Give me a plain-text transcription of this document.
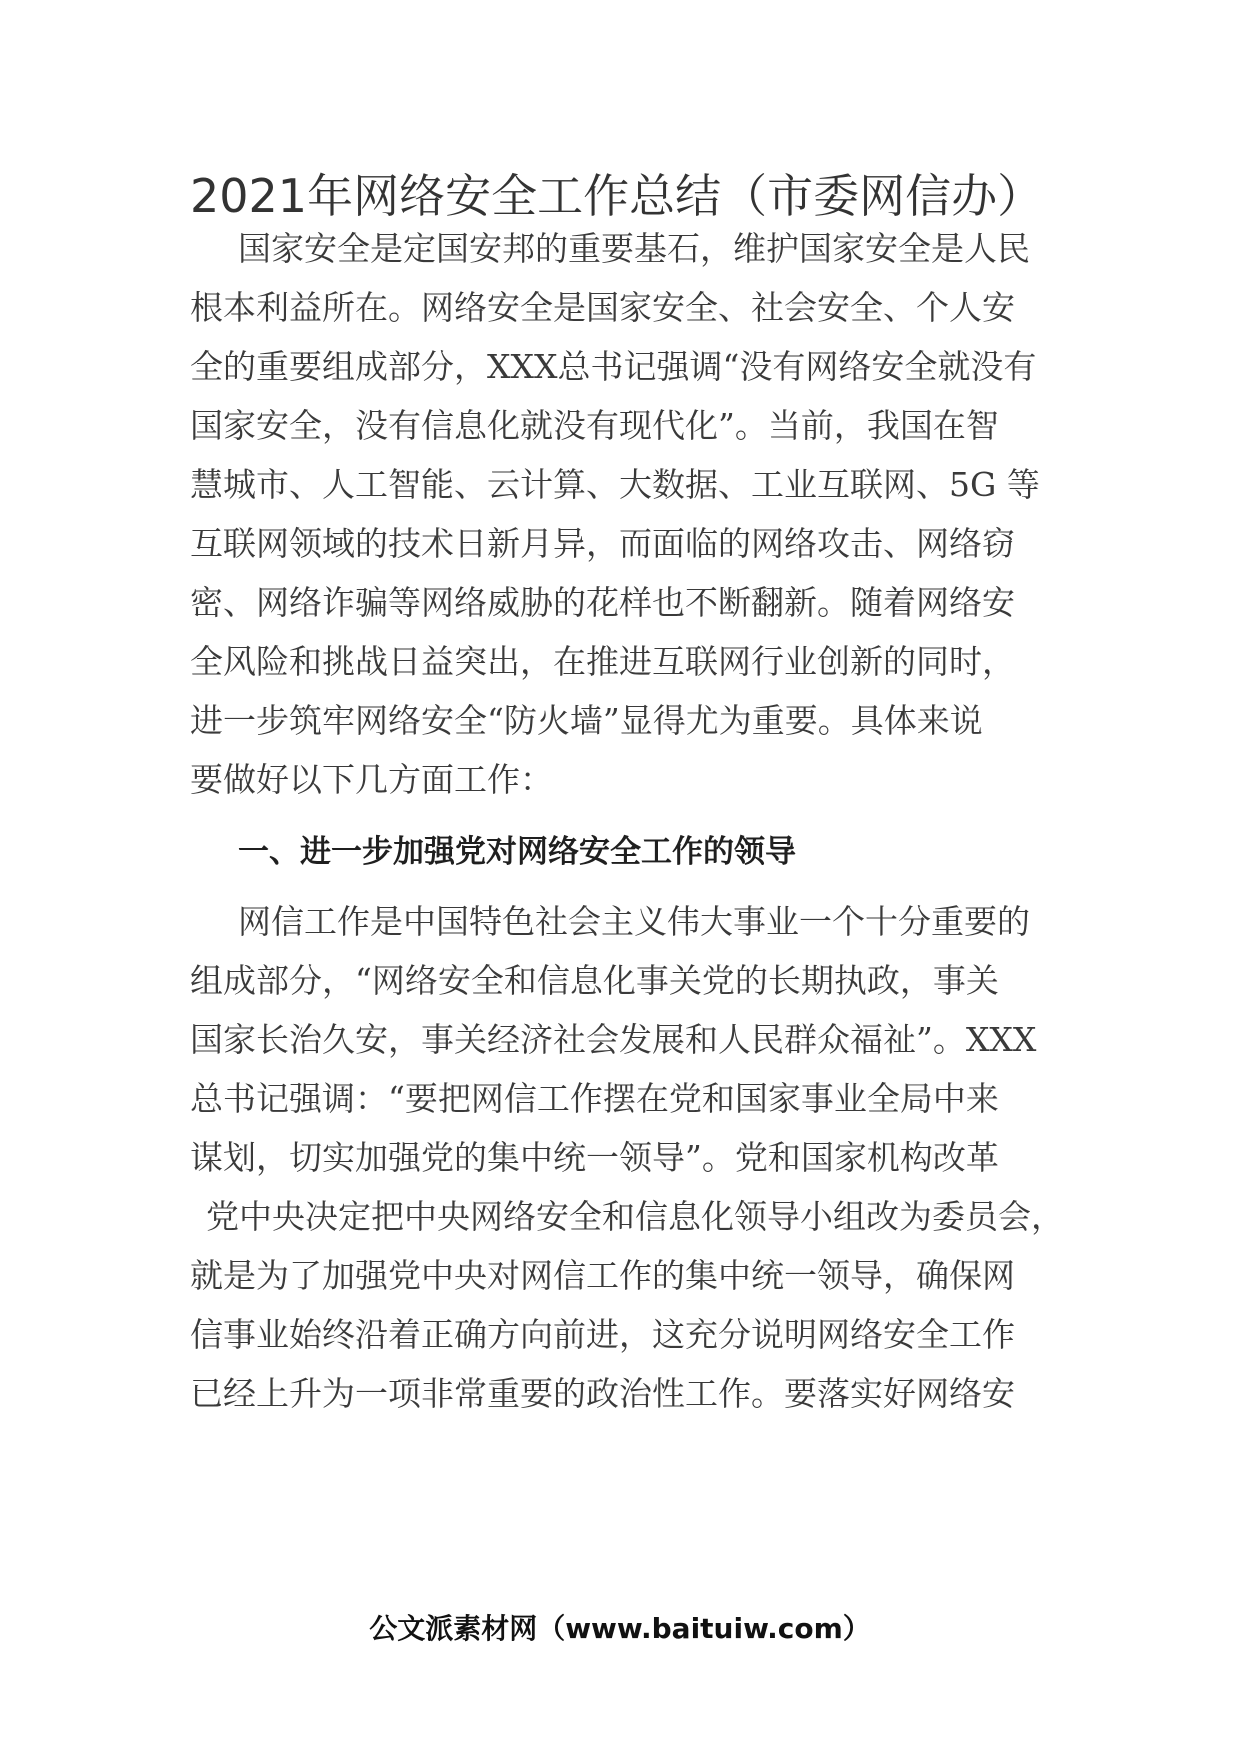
2021年网络安全工作总结（市委网信办）

国家安全是定国安邦的重要基石，维护国家安全是人民

根本利益所在。网络安全是国家安全、社会安全、个人安

全的重要组成部分，XXX总书记强调“没有网络安全就没有

国家安全，没有信息化就没有现代化”。当前，我国在智

慧城市、人工智能、云计算、大数据、工业互联网、5G 等

互联网领域的技术日新月异，而面临的网络攻击、网络窃

密、网络诈骗等网络威胁的花样也不断翻新。随着网络安

全风险和挑战日益突出，在推进互联网行业创新的同时，

进一步筑牢网络安全“防火墙”显得尤为重要。具体来说

要做好以下几方面工作：

一、进一步加强党对网络安全工作的领导

网信工作是中国特色社会主义伟大事业一个十分重要的

组成部分，“网络安全和信息化事关党的长期执政，事关

国家长治久安，事关经济社会发展和人民群众福祉”。XXX

总书记强调：“要把网信工作摆在党和国家事业全局中来

谋划，切实加强党的集中统一领导”。党和国家机构改革

党中央决定把中央网络安全和信息化领导小组改为委员会，

就是为了加强党中央对网信工作的集中统一领导，确保网

信事业始终沿着正确方向前进，这充分说明网络安全工作

已经上升为一项非常重要的政治性工作。要落实好网络安

公文派素材网（www.baituiw.com）
